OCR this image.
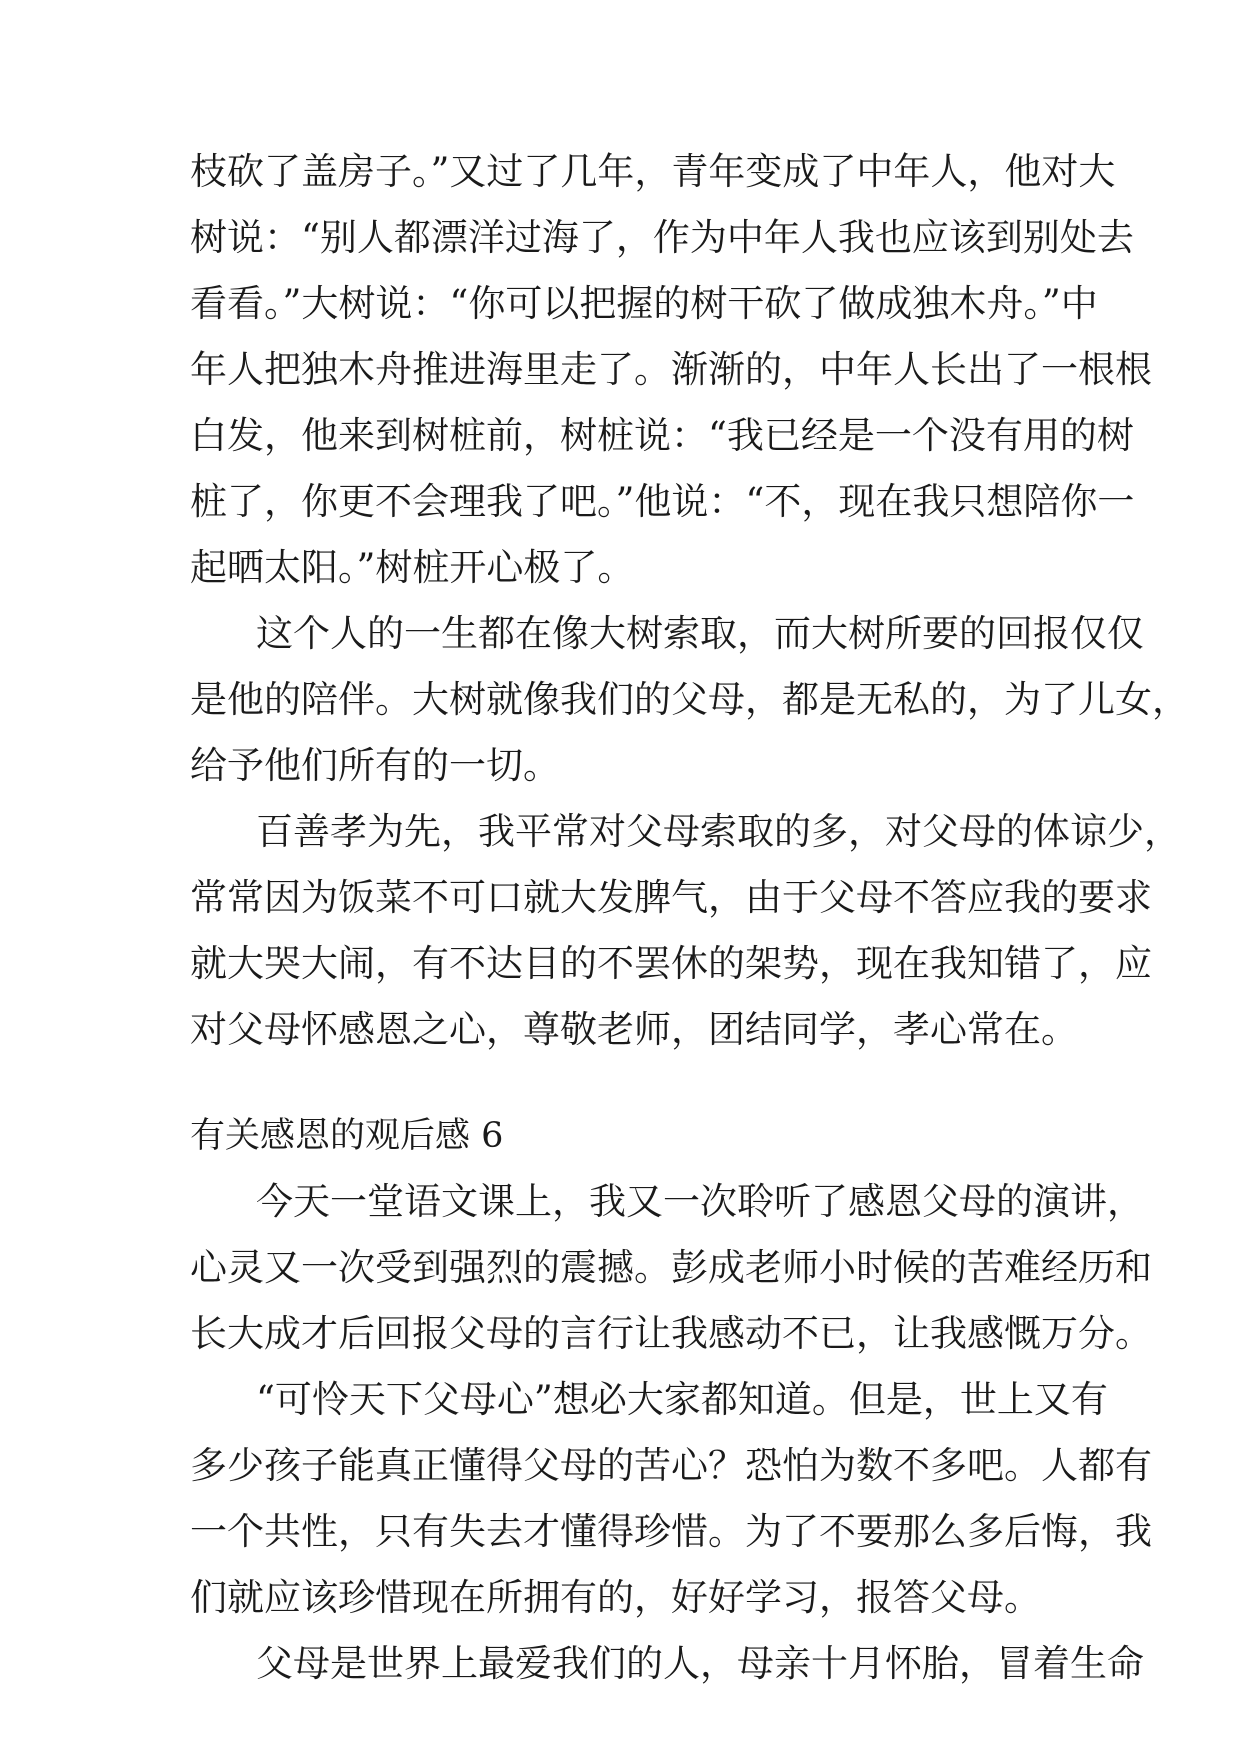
枝砍了盖房子。”又过了几年，青年变成了中年人，他对大
树说：“别人都漂洋过海了，作为中年人我也应该到别处去
看看。”大树说：“你可以把握的树干砍了做成独木舟。”中
年人把独木舟推进海里走了。渐渐的，中年人长出了一根根
白发，他来到树桩前，树桩说：“我已经是一个没有用的树
桩了，你更不会理我了吧。”他说：“不，现在我只想陪你一
起晒太阳。”树桩开心极了。
这个人的一生都在像大树索取，而大树所要的回报仅仅
是他的陪伴。大树就像我们的父母，都是无私的，为了儿女，
给予他们所有的一切。
百善孝为先，我平常对父母索取的多，对父母的体谅少，
常常因为饭菜不可口就大发脾气，由于父母不答应我的要求
就大哭大闹，有不达目的不罢休的架势，现在我知错了，应
对父母怀感恩之心，尊敬老师，团结同学，孝心常在。
有关感恩的观后感 6
今天一堂语文课上，我又一次聆听了感恩父母的演讲，
心灵又一次受到强烈的震撼。彭成老师小时候的苦难经历和
长大成才后回报父母的言行让我感动不已，让我感慨万分。
“可怜天下父母心”想必大家都知道。但是，世上又有
多少孩子能真正懂得父母的苦心？恐怕为数不多吧。人都有
一个共性，只有失去才懂得珍惜。为了不要那么多后悔，我
们就应该珍惜现在所拥有的，好好学习，报答父母。
父母是世界上最爱我们的人，母亲十月怀胎，冒着生命
